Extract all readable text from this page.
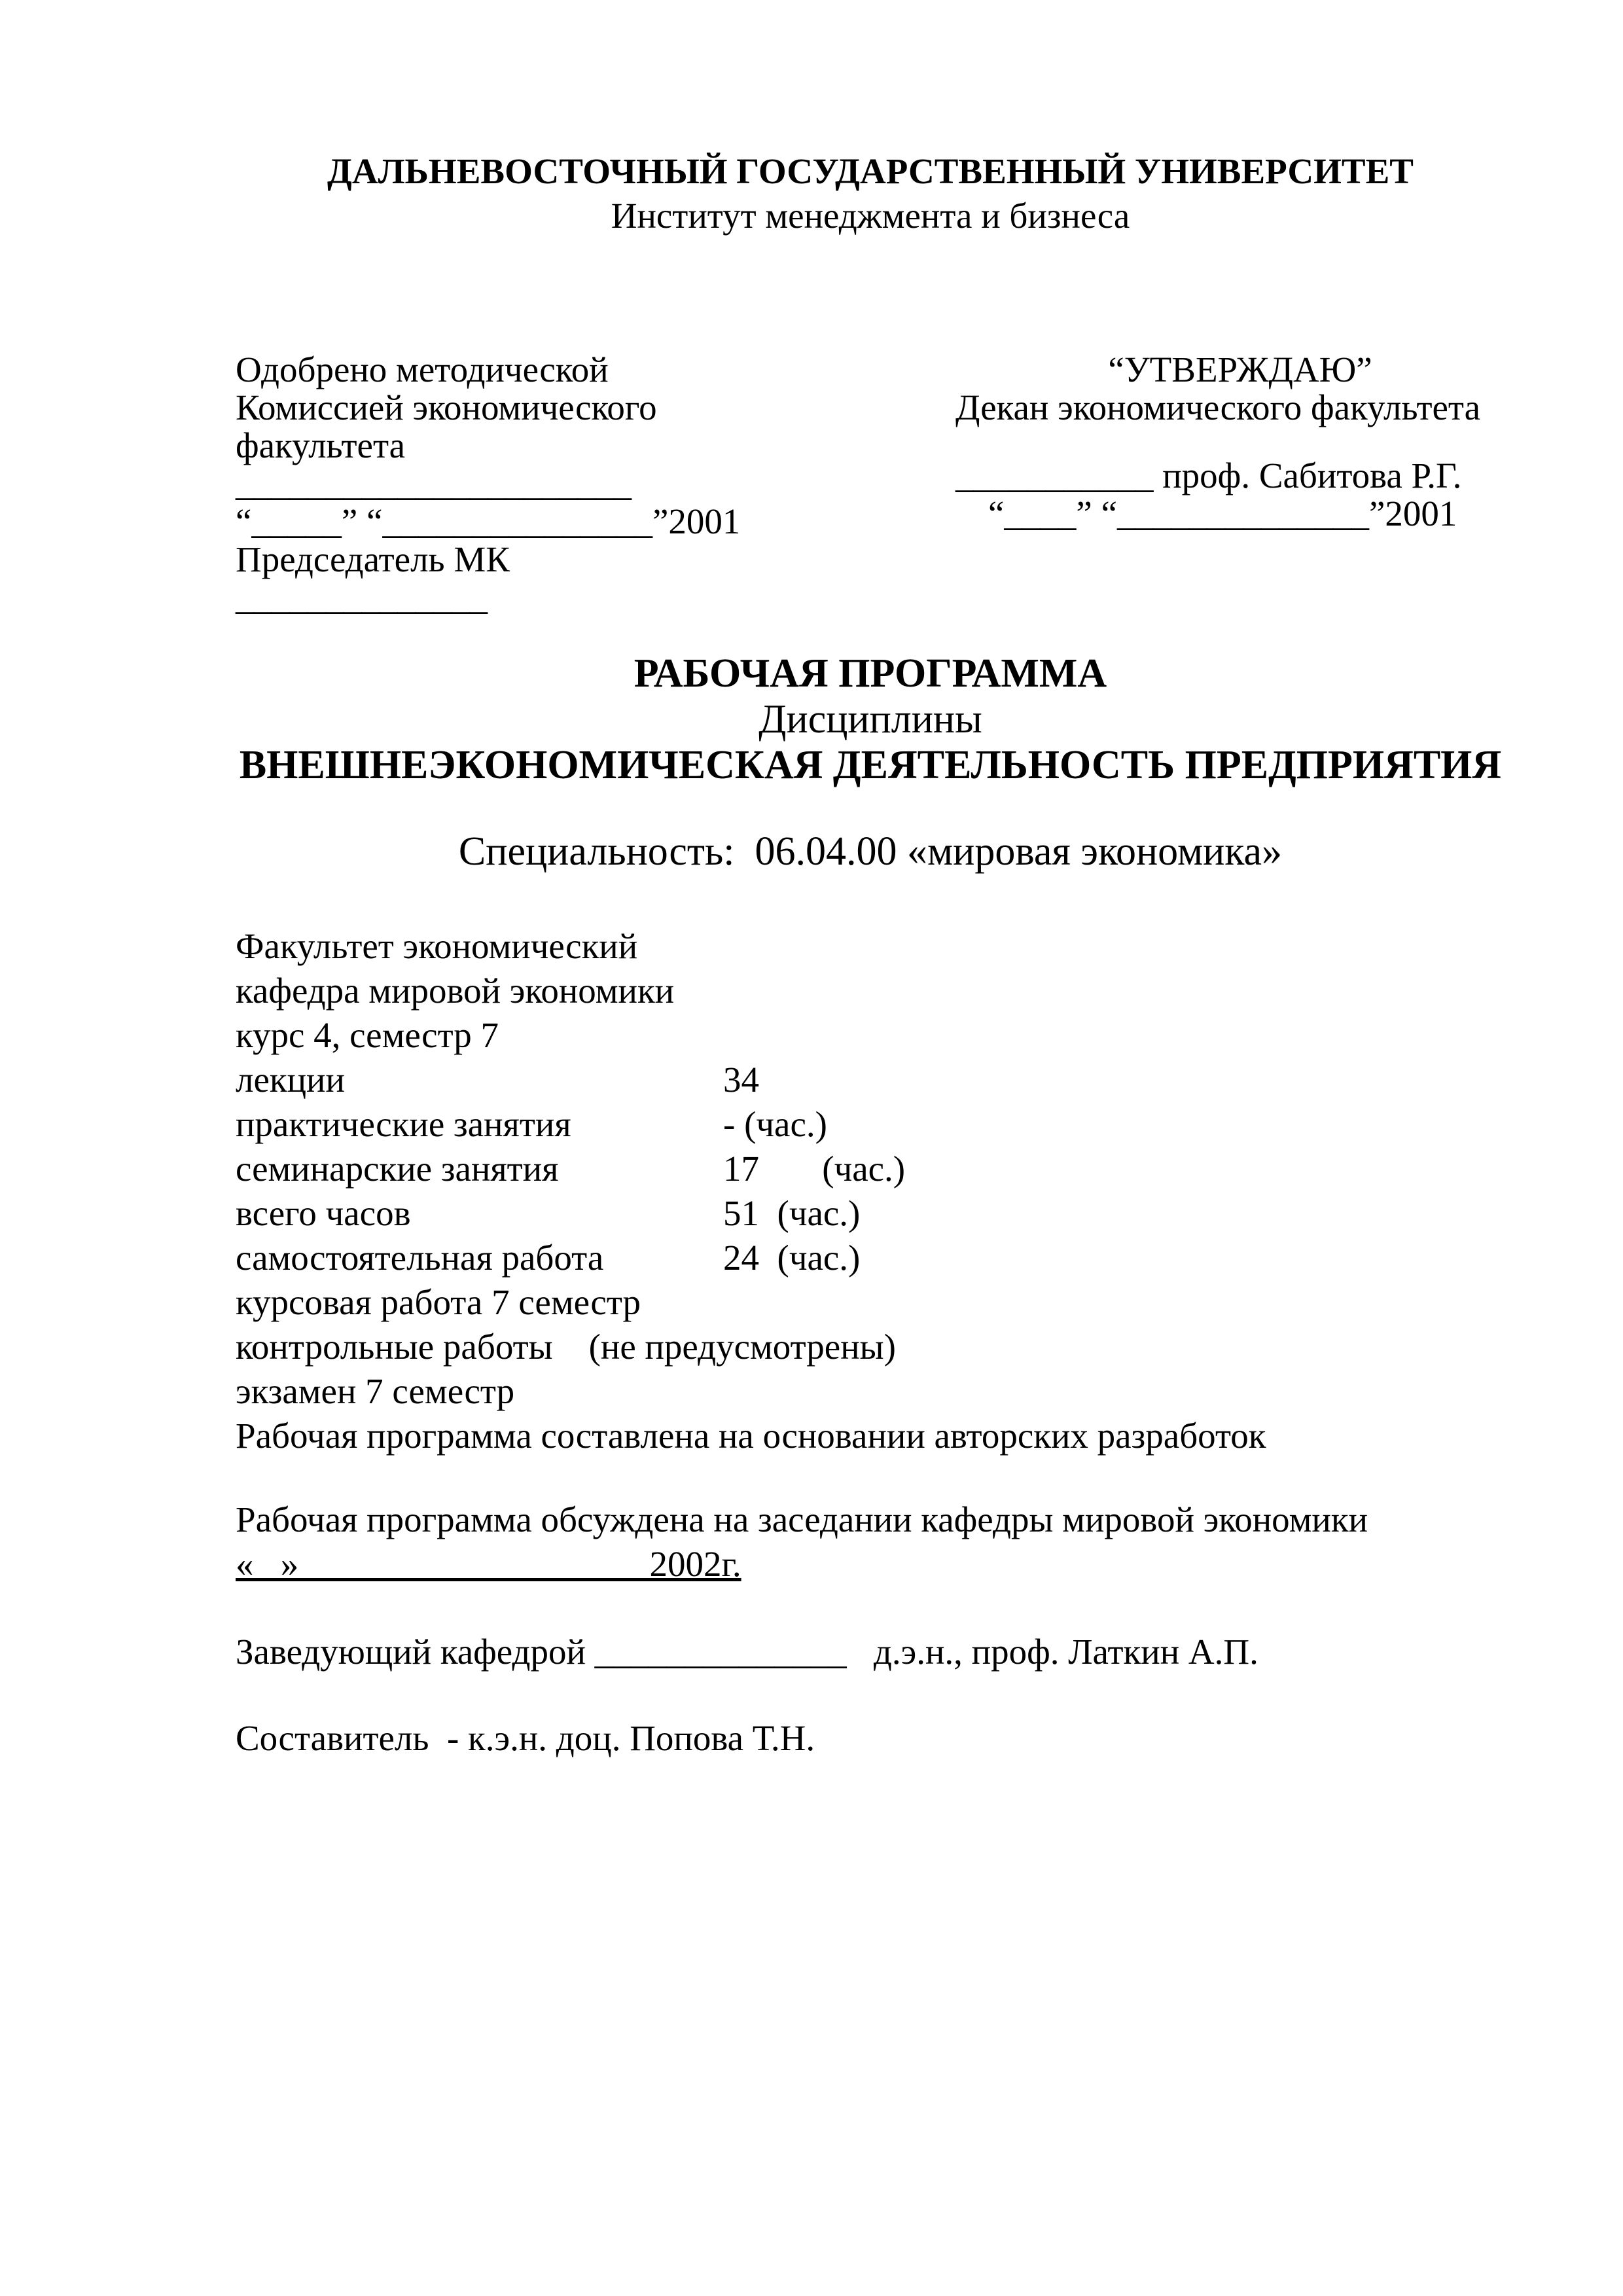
ДАЛЬНЕВОСТОЧНЫЙ ГОСУДАРСТВЕННЫЙ УНИВЕРСИТЕТ
Институт менеджмента и бизнеса
Одобрено методической
Комиссией экономического
факультета
______________________
“_____” “_______________”2001
Председатель МК
______________
“УТВЕРЖДАЮ”
Декан экономического факультета
___________ проф. Сабитова Р.Г.
“____” “______________”2001
РАБОЧАЯ ПРОГРАММА
Дисциплины
ВНЕШНЕЭКОНОМИЧЕСКАЯ ДЕЯТЕЛЬНОСТЬ ПРЕДПРИЯТИЯ
Специальность:  06.04.00 «мировая экономика»
Факультет экономический
кафедра мировой экономики
курс 4, семестр 7
лекции	34
практические занятия	- (час.)
семинарские занятия	17       (час.)
всего часов	51  (час.)
самостоятельная работа	24  (час.)
курсовая работа 7 семестр
контрольные работы    (не предусмотрены)
экзамен 7 семестр
Рабочая программа составлена на основании авторских разработок
Рабочая программа обсуждена на заседании кафедры мировой экономики
«   »___________________ 2002г.
Заведующий кафедрой ______________   д.э.н., проф. Латкин А.П.
Составитель  - к.э.н. доц. Попова Т.Н.
